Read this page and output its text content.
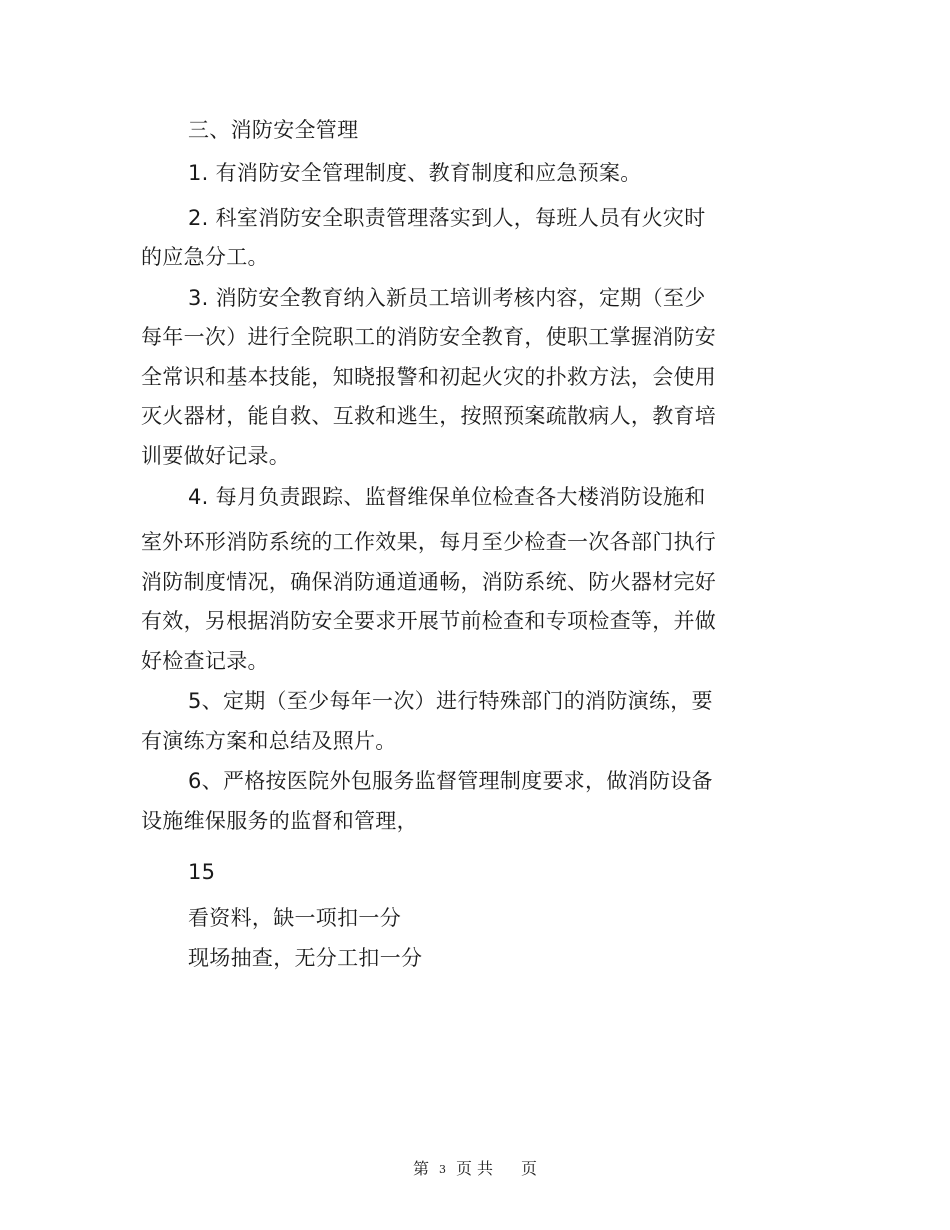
三、消防安全管理
1. 有消防安全管理制度、教育制度和应急预案。
2. 科室消防安全职责管理落实到人，每班人员有火灾时
的应急分工。
3. 消防安全教育纳入新员工培训考核内容，定期（至少
每年一次）进行全院职工的消防安全教育，使职工掌握消防安
全常识和基本技能，知晓报警和初起火灾的扑救方法，会使用
灭火器材，能自救、互救和逃生，按照预案疏散病人，教育培
训要做好记录。
4. 每月负责跟踪、监督维保单位检查各大楼消防设施和
室外环形消防系统的工作效果，每月至少检查一次各部门执行
消防制度情况，确保消防通道通畅，消防系统、防火器材完好
有效，另根据消防安全要求开展节前检查和专项检查等，并做
好检查记录。
5、定期（至少每年一次）进行特殊部门的消防演练，要
有演练方案和总结及照片。
6、严格按医院外包服务监督管理制度要求，做消防设备
设施维保服务的监督和管理，
15
看资料，缺一项扣一分
现场抽查，无分工扣一分
第 3 页 共 页
